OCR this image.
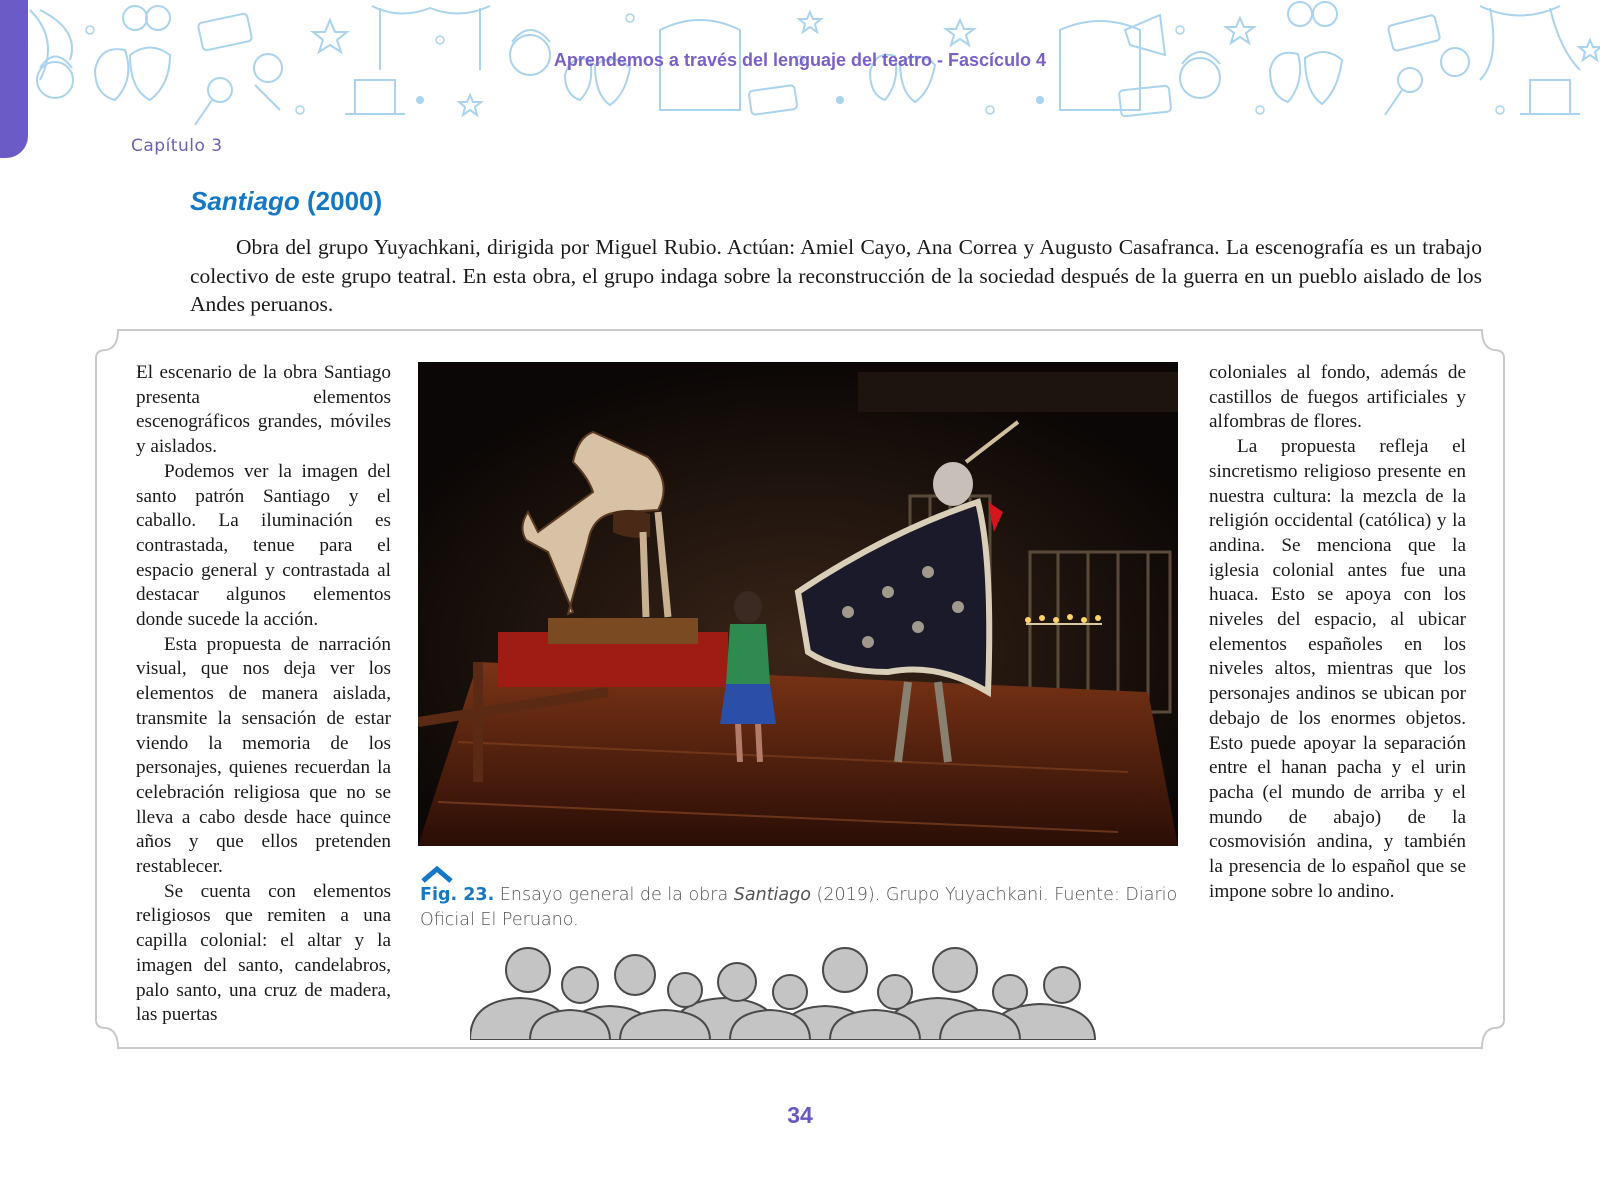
Aprendemos a través del lenguaje del teatro - Fascículo 4
Capítulo 3
Santiago (2000)

Obra del grupo Yuyachkani, dirigida por Miguel Rubio. Actúan: Amiel Cayo, Ana Correa y Augusto Casafranca. La escenografía es un trabajo colectivo de este grupo teatral. En esta obra, el grupo indaga sobre la reconstrucción de la sociedad después de la guerra en un pueblo aislado de los Andes peruanos.

El escenario de la obra Santiago presenta elementos escenográficos grandes, móviles y aislados.

Podemos ver la imagen del santo patrón Santiago y el caballo. La iluminación es contrastada, tenue para el espacio general y contrastada al destacar algunos elementos donde sucede la acción.

Esta propuesta de narración visual, que nos deja ver los elementos de manera aislada, transmite la sensación de estar viendo la memoria de los personajes, quienes recuerdan la celebración religiosa que no se lleva a cabo desde hace quince años y que ellos pretenden restablecer.

Se cuenta con elementos religiosos que remiten a una capilla colonial: el altar y la imagen del santo, candelabros, palo santo, una cruz de madera, las puertas

coloniales al fondo, además de castillos de fuegos artificiales y alfombras de flores.

La propuesta refleja el sincretismo religioso presente en nuestra cultura: la mezcla de la religión occidental (católica) y la andina. Se menciona que la iglesia colonial antes fue una huaca. Esto se apoya con los niveles del espacio, al ubicar elementos españoles en los niveles altos, mientras que los personajes andinos se ubican por debajo de los enormes objetos. Esto puede apoyar la separación entre el hanan pacha y el urin pacha (el mundo de arriba y el mundo de abajo) de la cosmovisión andina, y también la presencia de lo español que se impone sobre lo andino.

Fig. 23. Ensayo general de la obra Santiago (2019). Grupo Yuyachkani. Fuente: Diario Oficial El Peruano.
34
